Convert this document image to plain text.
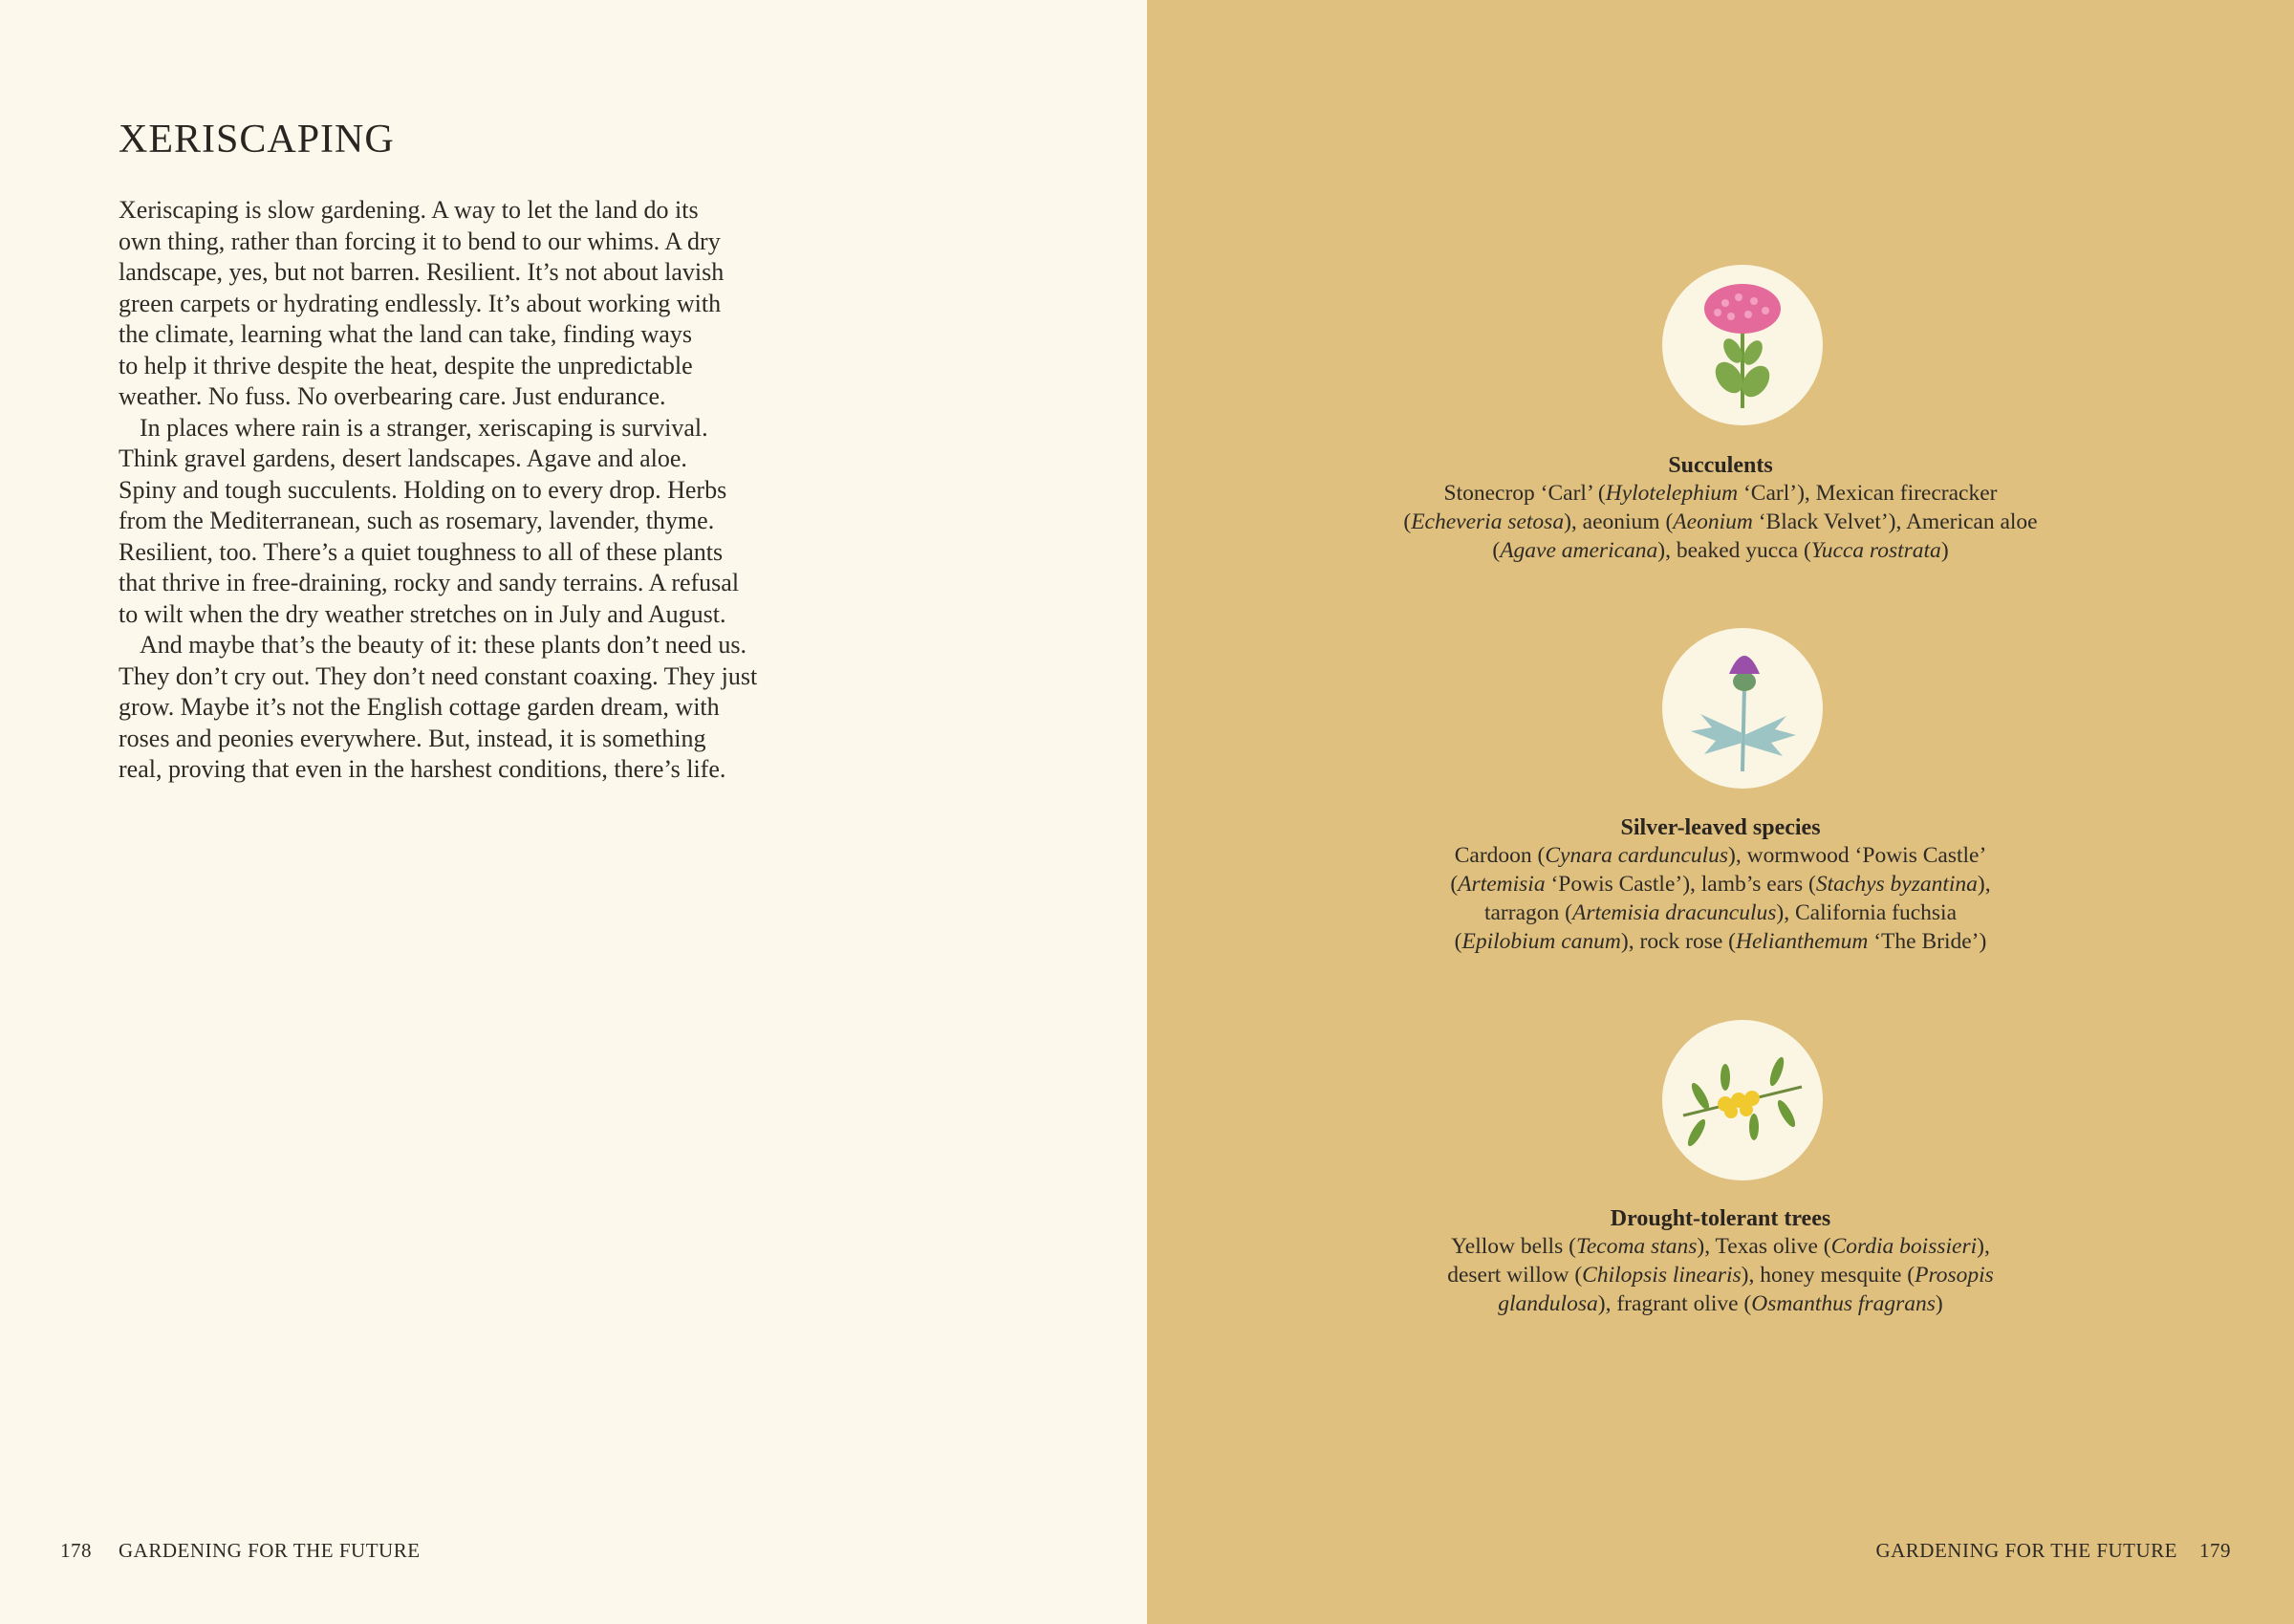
XERISCAPING
Xeriscaping is slow gardening. A way to let the land do its
own thing, rather than forcing it to bend to our whims. A dry
landscape, yes, but not barren. Resilient. It’s not about lavish
green carpets or hydrating endlessly. It’s about working with
the climate, learning what the land can take, finding ways
to help it thrive despite the heat, despite the unpredictable
weather. No fuss. No overbearing care. Just endurance.
In places where rain is a stranger, xeriscaping is survival.
Think gravel gardens, desert landscapes. Agave and aloe.
Spiny and tough succulents. Holding on to every drop. Herbs
from the Mediterranean, such as rosemary, lavender, thyme.
Resilient, too. There’s a quiet toughness to all of these plants
that thrive in free-draining, rocky and sandy terrains. A refusal
to wilt when the dry weather stretches on in July and August.
And maybe that’s the beauty of it: these plants don’t need us.
They don’t cry out. They don’t need constant coaxing. They just
grow. Maybe it’s not the English cottage garden dream, with
roses and peonies everywhere. But, instead, it is something
real, proving that even in the harshest conditions, there’s life.
178 GARDENING FOR THE FUTURE
Succulents
Stonecrop ‘Carl’ (Hylotelephium ‘Carl’), Mexican firecracker
(Echeveria setosa), aeonium (Aeonium ‘Black Velvet’), American aloe
(Agave americana), beaked yucca (Yucca rostrata)
Silver-leaved species
Cardoon (Cynara cardunculus), wormwood ‘Powis Castle’
(Artemisia ‘Powis Castle’), lamb’s ears (Stachys byzantina),
tarragon (Artemisia dracunculus), California fuchsia
(Epilobium canum), rock rose (Helianthemum ‘The Bride’)
Drought-tolerant trees
Yellow bells (Tecoma stans), Texas olive (Cordia boissieri),
desert willow (Chilopsis linearis), honey mesquite (Prosopis
glandulosa), fragrant olive (Osmanthus fragrans)
GARDENING FOR THE FUTURE 179
